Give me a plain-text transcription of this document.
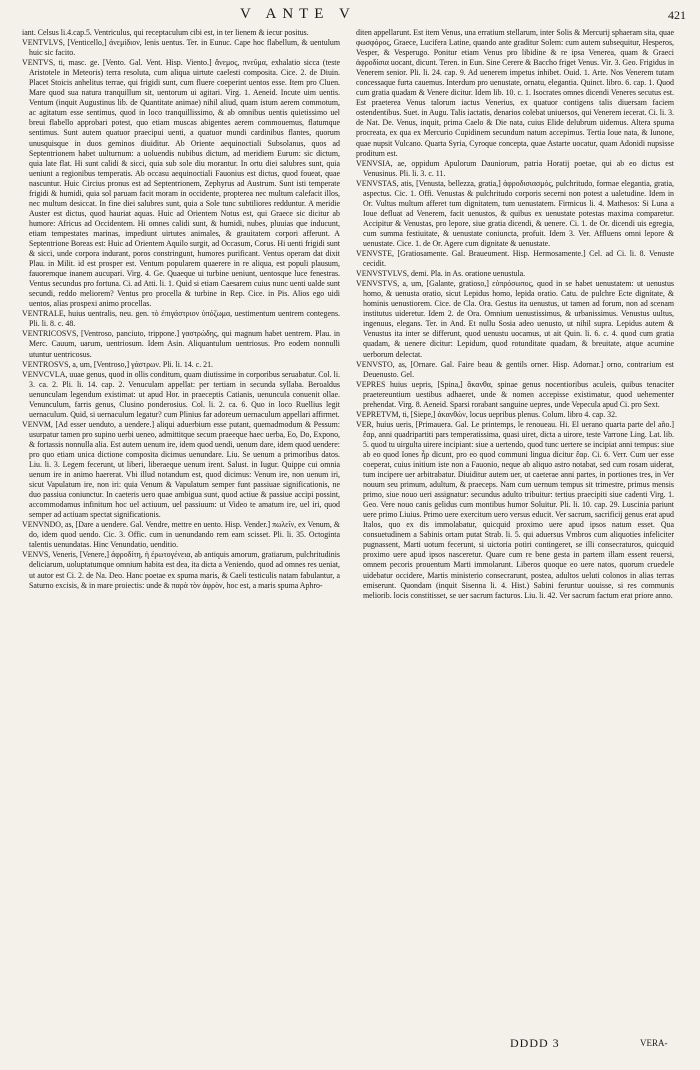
V ANTE V	421

iant. Celsus li.4.cap.5. Ventriculus, qui receptaculum cibi est, in ter lienem & iecur positus.

VENTVLVS, [Venticello,] ἀνεμίδιον, lenis uentus. Ter. in Eunuc. Cape hoc flabellum, & uentulum huic sic facito.

VENTVS, ti, masc. ge. [Vento. Gal. Vent. Hisp. Viento.] ἄνεμος, πνεῦμα, exhalatio sicca (teste Aristotele in Meteoris) terra resoluta, cum aliqua uirtute caelesti composita. Cice. 2. de Diuin. Placet Stoicis anhelitus terrae, qui frigidi sunt, cum fluere coeperint uentos esse. Item pro Cluen. Mare quod sua natura tranquillum sit, uentorum ui agitari. Virg. 1. Aeneid. Incute uim uentis. Ventum (inquit Augustinus lib. de Quantitate animae) nihil aliud, quam istum aerem commotum, ac agitatum esse sentimus, quod in loco tranquillissimo, & ab omnibus uentis quietissimo uel breui flabello approbari potest, quo etiam muscas abigentes aerem commouemus, flatumque sentimus. Sunt autem quatuor praecipui uenti, a quatuor mundi cardinibus flantes, quorum unusquisque in duos geminos diuiditur. Ab Oriente aequinoctiali Subsolanus, quos ad Septentrionem habet uulturnum: a uoluendis nubibus dictum, ad meridiem Eurum: sic dictum, quia late flat. Hi sunt calidi & sicci, quia sub sole diu morantur. In ortu diei salubres sunt, quia ueniunt a regionibus temperatis. Ab occasu aequinoctiali Fauonius est dictus, quod foueat, quae nascuntur. Huic Circius pronus est ad Septentrionem, Zephyrus ad Austrum. Sunt isti temperate frigidi & humidi, quia sol paruam facit moram in occidente, propterea nec multum calefacit illos, nec multum desiccat. In fine diei salubres sunt, quia a Sole tunc subtiliores redduntur. A meridie Auster est dictus, quod hauriat aquas. Huic ad Orientem Notus est, qui Graece sic dicitur ab humore: Africus ad Occidentem. Hi omnes calidi sunt, & humidi, nubes, pluuias que inducunt, etiam tempestates marinas, impediunt uirtutes animales, & grauitatem corpori afferunt. A Septentrione Boreas est: Huic ad Orientem Aquilo surgit, ad Occasum, Corus. Hi uenti frigidi sunt & sicci, unde corpora indurant, poros constringunt, humores purificant. Ventus operam dat dixit Plau. in Milit. id est prosper est. Ventum popularem quaerere in re aliqua, est populi plausum, fauoremque inanem aucupari. Virg. 4. Ge. Quaeque ui turbine ueniunt, uentosque luce fenestras. Ventus secundus pro fortuna. Ci. ad Atti. li. 1. Quid si etiam Caesarem cuius nunc uenti ualde sunt secundi, reddo meliorem? Ventus pro procella & turbine in Rep. Cice. in Pis. Alios ego uidi uentos, alias prospexi animo procellas.

VENTRALE, huius uentralis, neu. gen. τὸ ἐπιγάστριον ὑπόζωμα, uestimentum uentrem contegens. Pli. li. 8. c. 48.

VENTRICOSVS, [Ventroso, panciuto, trippone.] γαστρώδης, qui magnum habet uentrem. Plau. in Merc. Cauum, uarum, uentriosum. Idem Asin. Aliquantulum uentriosus. Pro eodem nonnulli utuntur uentricosus.

VENTROSVS, a, um, [Ventroso,] γάστρων. Pli. li. 14. c. 21.

VENVCVLA, uuae genus, quod in ollis conditum, quam diutissime in corporibus seruabatur. Col. li. 3. ca. 2. Pli. li. 14. cap. 2. Venuculam appellat: per tertiam in secunda syllaba. Beroaldus uenunculam legendum existimat: ut apud Hor. in praeceptis Catianis, uenuncula conuenit ollae. Venunculum, farris genus, Clusino ponderosius. Col. li. 2. ca. 6. Quo in loco Ruellius legit uernaculum. Quid, si uernaculum legatur? cum Plinius far adoreum uernaculum appellari affirmet.

VENVM, [Ad esser uenduto, a uendere.] aliqui aduerbium esse putant, quemadmodum & Pessum: usurpatur tamen pro supino uerbi ueneo, admittitque secum praeeque haec uerba, Eo, Do, Expono, & fortassis nonnulla alia. Est autem uenum ire, idem quod uendi, uenum dare, idem quod uendere: pro quo etiam unica dictione composita dicimus uenundare. Liu. Se uenum a primoribus datos. Liu. li. 3. Legem fecerunt, ut liberi, liberaeque uenum irent. Salust. in Iugur. Quippe cui omnia uenum ire in animo haererat. Vbi illud notandum est, quod dicimus: Venum ire, non uenum iri, sicut Vapulatum ire, non iri: quia Venum & Vapulatum semper funt passiuae significationis, ne duo passiua coniunctur. In caeteris uero quae ambigua sunt, quod actiue & passiue accipi possint, accommodamus infinitum hoc uel actiuum, uel passiuum: ut Video te amatum ire, uel iri, quod semper ad actiuam spectat significationis.

VENVNDO, as, [Dare a uendere. Gal. Vendre, mettre en uento. Hisp. Vender.] πωλεῖν, ex Venum, & do, idem quod uendo. Cic. 3. Offic. cum in uenundando rem eam scisset. Pli. li. 35. Octoginta talentis uenundatas. Hinc Venundatio, uenditio.

VENVS, Veneris, [Venere,] ἀφροδίτη, ἡ ἐρωτογένεια, ab antiquis amorum, gratiarum, pulchritudinis deliciarum, uoluptatumque omnium habita est dea, ita dicta a Veniendo, quod ad omnes res ueniat, ut autor est Ci. 2. de Na. Deo. Hanc poetae ex spuma maris, & Caeli testiculis natam fabulantur, a Saturno excisis, & in mare proiectis: unde & παρὰ τὸν ἀφρὸν, hoc est, a maris spuma Aphro-

diten appellarunt. Est item Venus, una erratium stellarum, inter Solis & Mercurij sphaeram sita, quae φωσφόρος, Graece, Lucifera Latine, quando ante graditur Solem: cum autem subsequitur, Hesperos, Vesper, & Vesperugo. Ponitur etiam Venus pro libidine & re ipsa Venerea, quam & Graeci ἀφροδίσια uocant, dicunt. Teren. in Eun. Sine Cerere & Baccho friget Venus. Vir. 3. Geo. Frigidus in Venerem senior. Pli. li. 24. cap. 9. Ad uenerem impetus inhibet. Ouid. 1. Arte. Nos Venerem tutam concessaque furta cauemus. Interdum pro uenustate, ornatu, elegantia. Quinct. libro. 6. cap. 1. Quod cum gratia quadam & Venere dicitur. Idem lib. 10. c. 1. Isocrates omnes dicendi Veneres secutus est. Est praeterea Venus talorum iactus Venerius, ex quatuor contigens talis diuersam faciem ostendentibus. Suet. in Augu. Talis iactatis, denarios colebat uniuersos, qui Venerem iecerat. Ci. li. 3. de Nat. De. Venus, inquit, prima Caelo & Die nata, cuius Elide delubrum uidemus. Altera spuma procreata, ex qua ex Mercurio Cupidinem secundum natum accepimus. Tertia Ioue nata, & Iunone, quae nupsit Vulcano. Quarta Syria, Cyroque concepta, quae Astarte uocatur, quam Adonidi nupsisse proditum est.

VENVSIA, ae, oppidum Apulorum Dauniorum, patria Horatij poetae, qui ab eo dictus est Venusinus. Pli. li. 3. c. 11.

VENVSTAS, atis, [Venusta, bellezza, gratia,] ἀφροδισιασμός, pulchritudo, formae elegantia, gratia, aspectus. Cic. 1. Offi. Venustas & pulchritudo corporis secerni non potest a ualetudine. Idem in Or. Vultus multum afferet tum dignitatem, tum uenustatem. Firmicus li. 4. Mathesos: Si Luna a Ioue defluat ad Venerem, facit uenustos, & quibus ex uenustate potestas maxima comparetur. Accipitur & Venustas, pro lepore, siue gratia dicendi, & uenere. Ci. 1. de Or. dicendi uis egregia, cum summa festiuitate, & uenustate coniuncta, profuit. Idem 3. Ver. Affluens omni lepore & uenustate. Cice. 1. de Or. Agere cum dignitate & uenustate.

VENVSTE, [Gratiosamente. Gal. Braueument. Hisp. Hermosamente.] Cel. ad Ci. li. 8. Venuste cecidit.

VENVSTVLVS, demi. Pla. in As. oratione uenustula.

VENVSTVS, a, um, [Galante, gratioso,] εὐπρόσωπος, quod in se habet uenustatem: ut uenustus homo, & uenusta oratio, sicut Lepidus homo, lepida oratio. Catu. de pulchre Ecte dignitate, & hominis uenustiorem. Cice. de Cla. Ora. Gestus ita uenustus, ut tamen ad forum, non ad scenam institutus uideretur. Idem 2. de Ora. Omnium uenustissimus, & urbanissimus. Venustus uultus, ingenuus, elegans. Ter. in And. Et nullu Sosia adeo uenusto, ut nihil supra. Lepidus autem & Venustus ita inter se differunt, quod uenustu uocamus, ut ait Quin. li. 6. c. 4. quod cum gratia quadam, & uenere dicitur: Lepidum, quod rotunditate quadam, & breuitate, atque acumine uerborum delectat.

VENVSTO, as, [Ornare. Gal. Faire beau & gentils orner. Hisp. Adornar.] orno, contrarium est Deuenusto. Gel.

VEPRES huius uepris, [Spina,] ἄκανθα, spinae genus nocentioribus aculeis, quibus tenaciter praetereuntium uestibus adhaeret, unde & nomen accepisse existimatur, quod uehementer prehendat. Virg. 8. Aeneid. Sparsi rorabant sanguine uepres, unde Vepecula apud Ci. pro Sext.

VEPRETVM, ti, [Siepe,] ἀκανθών, locus uepribus plenus. Colum. libro 4. cap. 32.

VER, huius ueris, [Primauera. Gal. Le printemps, le renoueau. Hi. El uerano quarta parte del año.] ἔαρ, anni quadripartiti pars temperatissima, quasi uiret, dicta a uirore, teste Varrone Ling. Lat. lib. 5. quod tu uirgulta uirere incipiant: siue a uertendo, quod tunc uertere se incipiat anni tempus: siue ab eo quod Iones ἦρ dicunt, pro eo quod communi lingua dicitur ἔαρ. Ci. 6. Verr. Cum uer esse coeperat, cuius initium iste non a Fauonio, neque ab aliquo astro notabat, sed cum rosam uiderat, tum incipere uer arbitrabatur. Diuiditur autem uer, ut caeterae anni partes, in portiones tres, in Ver nouum seu primum, adultum, & praeceps. Nam cum uernum tempus sit trimestre, primus mensis primo, siue nouo ueri assignatur: secundus adulto tribuitur: tertius praecipiti siue cadenti Virg. 1. Geo. Vere nouo canis gelidus cum montibus humor Soluitur. Pli. li. 10. cap. 29. Luscinia pariunt uere primo Liuius. Primo uere exercitum uero versus educit. Ver sacrum, sacrificij genus erat apud Italos, quo ex dis immolabatur, quicquid proximo uere apud ipsos natum esset. Qua consuetudinem a Sabinis ortam putat Strab. li. 5. qui aduersus Vmbros cum aliquoties infeliciter pugnassent, Marti uotum fecerunt, si uictoria potiri contingeret, se illi consecraturos, quicquid proximo uere apud ipsos nasceretur. Quare cum re bene gesta in partem illam essent reuersi, omnem pecoris prouentum Marti immolarunt. Liberos quoque eo uere natos, quorum cruedele uidebatur occidere, Martis ministerio consecrarunt, postea, adultos ueluti colonos in alias terras emiserunt. Quondam (inquit Sisenna li. 4. Hist.) Sabini feruntur uouisse, si res communis meliorib. locis constitisset, se uer sacrum facturos. Liu. li. 42. Ver sacrum factum erat priore anno.

DDDD 3	VERA-
